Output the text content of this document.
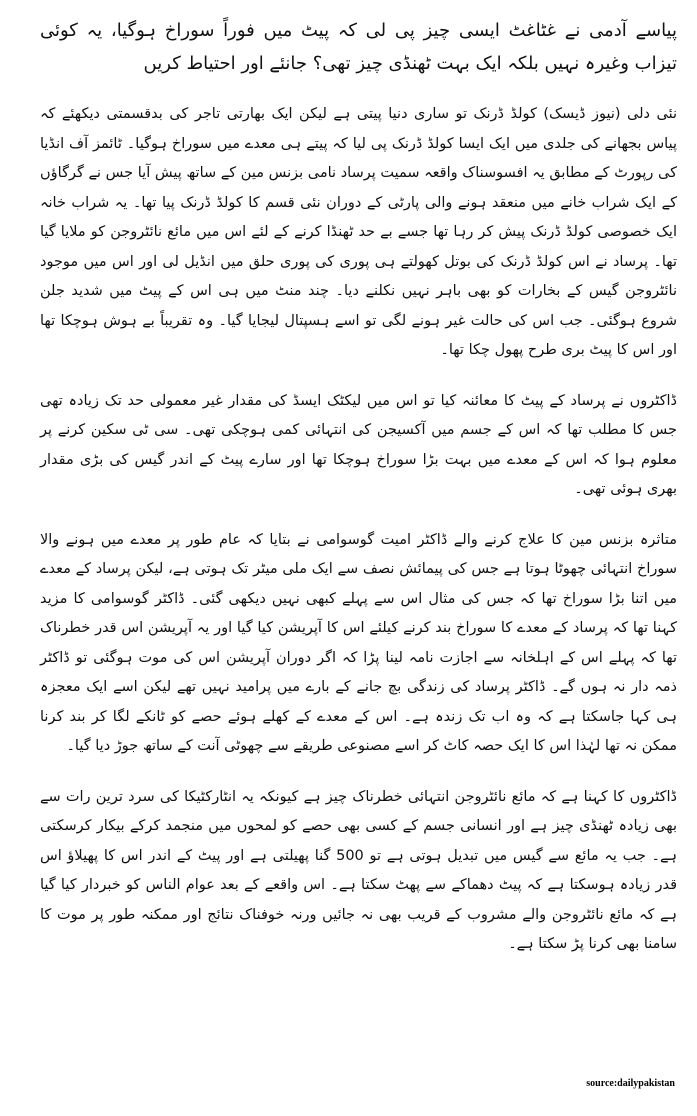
پیاسے آدمی نے غٹاغٹ ایسی چیز پی لی کہ پیٹ میں فوراً سوراخ ہوگیا، یہ کوئی تیزاب وغیرہ نہیں بلکہ ایک بہت ٹھنڈی چیز تھی؟ جانئے اور احتیاط کریں

نئی دلی (نیوز ڈیسک) کولڈ ڈرنک تو ساری دنیا پیتی ہے لیکن ایک بھارتی تاجر کی بدقسمتی دیکھئے کہ پیاس بجھانے کی جلدی میں ایک ایسا کولڈ ڈرنک پی لیا کہ پیتے ہی معدے میں سوراخ ہوگیا۔ ٹائمز آف انڈیا کی رپورٹ کے مطابق یہ افسوسناک واقعہ سمیت پرساد نامی بزنس مین کے ساتھ پیش آیا جس نے گرگاؤں کے ایک شراب خانے میں منعقد ہونے والی پارٹی کے دوران نئی قسم کا کولڈ ڈرنک پیا تھا۔ یہ شراب خانہ ایک خصوصی کولڈ ڈرنک پیش کر رہا تھا جسے بے حد ٹھنڈا کرنے کے لئے اس میں مائع نائٹروجن کو ملایا گیا تھا۔ پرساد نے اس کولڈ ڈرنک کی بوتل کھولتے ہی پوری کی پوری حلق میں انڈیل لی اور اس میں موجود نائٹروجن گیس کے بخارات کو بھی باہر نہیں نکلنے دیا۔ چند منٹ میں ہی اس کے پیٹ میں شدید جلن شروع ہوگئی۔ جب اس کی حالت غیر ہونے لگی تو اسے ہسپتال لیجایا گیا۔ وہ تقریباً بے ہوش ہوچکا تھا اور اس کا پیٹ بری طرح پھول چکا تھا۔

ڈاکٹروں نے پرساد کے پیٹ کا معائنہ کیا تو اس میں لیکٹک ایسڈ کی مقدار غیر معمولی حد تک زیادہ تھی جس کا مطلب تھا کہ اس کے جسم میں آکسیجن کی انتہائی کمی ہوچکی تھی۔ سی ٹی سکین کرنے پر معلوم ہوا کہ اس کے معدے میں بہت بڑا سوراخ ہوچکا تھا اور سارے پیٹ کے اندر گیس کی بڑی مقدار بھری ہوئی تھی۔

متاثرہ بزنس مین کا علاج کرنے والے ڈاکٹر امیت گوسوامی نے بتایا کہ عام طور پر معدے میں ہونے والا سوراخ انتہائی چھوٹا ہوتا ہے جس کی پیمائش نصف سے ایک ملی میٹر تک ہوتی ہے، لیکن پرساد کے معدے میں اتنا بڑا سوراخ تھا کہ جس کی مثال اس سے پہلے کبھی نہیں دیکھی گئی۔ ڈاکٹر گوسوامی کا مزید کہنا تھا کہ پرساد کے معدے کا سوراخ بند کرنے کیلئے اس کا آپریشن کیا گیا اور یہ آپریشن اس قدر خطرناک تھا کہ پہلے اس کے اہلخانہ سے اجازت نامہ لینا پڑا کہ اگر دوران آپریشن اس کی موت ہوگئی تو ڈاکٹر ذمہ دار نہ ہوں گے۔ ڈاکٹر پرساد کی زندگی بچ جانے کے بارے میں پرامید نہیں تھے لیکن اسے ایک معجزہ ہی کہا جاسکتا ہے کہ وہ اب تک زندہ ہے۔ اس کے معدے کے کھلے ہوئے حصے کو ٹانکے لگا کر بند کرنا ممکن نہ تھا لہٰذا اس کا ایک حصہ کاٹ کر اسے مصنوعی طریقے سے چھوٹی آنت کے ساتھ جوڑ دیا گیا۔

ڈاکٹروں کا کہنا ہے کہ مائع نائٹروجن انتہائی خطرناک چیز ہے کیونکہ یہ انٹارکٹیکا کی سرد ترین رات سے بھی زیادہ ٹھنڈی چیز ہے اور انسانی جسم کے کسی بھی حصے کو لمحوں میں منجمد کرکے بیکار کرسکتی ہے۔ جب یہ مائع سے گیس میں تبدیل ہوتی ہے تو 500 گنا پھیلتی ہے اور پیٹ کے اندر اس کا پھیلاؤ اس قدر زیادہ ہوسکتا ہے کہ پیٹ دھماکے سے پھٹ سکتا ہے۔ اس واقعے کے بعد عوام الناس کو خبردار کیا گیا ہے کہ مائع نائٹروجن والے مشروب کے قریب بھی نہ جائیں ورنہ خوفناک نتائج اور ممکنہ طور پر موت کا سامنا بھی کرنا پڑ سکتا ہے۔

source:dailypakistan
